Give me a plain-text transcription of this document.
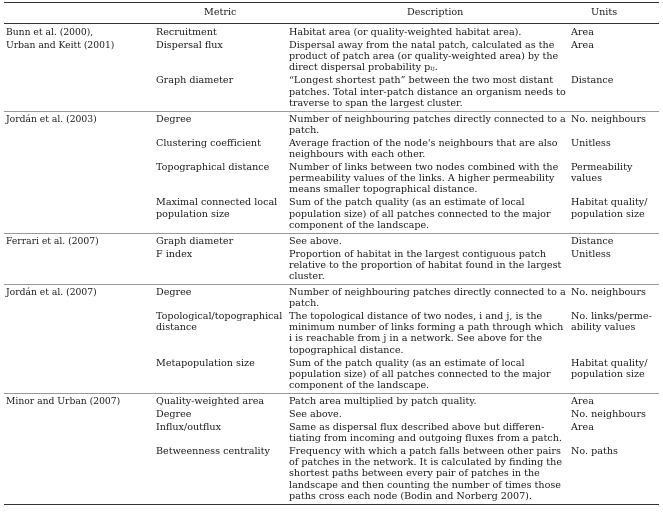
	Metric	Description	Units
Bunn et al. (2000),	Recruitment	Habitat area (or quality-weighted habitat area).	Area
Urban and Keitt (2001)	Dispersal flux	Dispersal away from the natal patch, calculated as the product of patch area (or quality-weighted area) by the direct dispersal probability pᵢⱼ.	Area
	Graph diameter	“Longest shortest path” between the two most distant patches. Total inter-patch distance an organism needs to traverse to span the largest cluster.	Distance
Jordán et al. (2003)	Degree	Number of neighbouring patches directly connected to a patch.	No. neighbours
	Clustering coefficient	Average fraction of the node's neighbours that are also neighbours with each other.	Unitless
	Topographical distance	Number of links between two nodes combined with the permeability values of the links. A higher permeability means smaller topographical distance.	Permeability values
	Maximal connected local population size	Sum of the patch quality (as an estimate of local population size) of all patches connected to the major component of the landscape.	Habitat quality/ population size
Ferrari et al. (2007)	Graph diameter	See above.	Distance
	F index	Proportion of habitat in the largest contiguous patch relative to the proportion of habitat found in the largest cluster.	Unitless
Jordán et al. (2007)	Degree	Number of neighbouring patches directly connected to a patch.	No. neighbours
	Topological/topographical distance	The topological distance of two nodes, i and j, is the minimum number of links forming a path through which i is reachable from j in a network. See above for the topographical distance.	No. links/perme-ability values
	Metapopulation size	Sum of the patch quality (as an estimate of local population size) of all patches connected to the major component of the landscape.	Habitat quality/ population size
Minor and Urban (2007)	Quality-weighted area	Patch area multiplied by patch quality.	Area
	Degree	See above.	No. neighbours
	Influx/outflux	Same as dispersal flux described above but differen-tiating from incoming and outgoing fluxes from a patch.	Area
	Betweenness centrality	Frequency with which a patch falls between other pairs of patches in the network. It is calculated by finding the shortest paths between every pair of patches in the landscape and then counting the number of times those paths cross each node (Bodin and Norberg 2007).	No. paths
